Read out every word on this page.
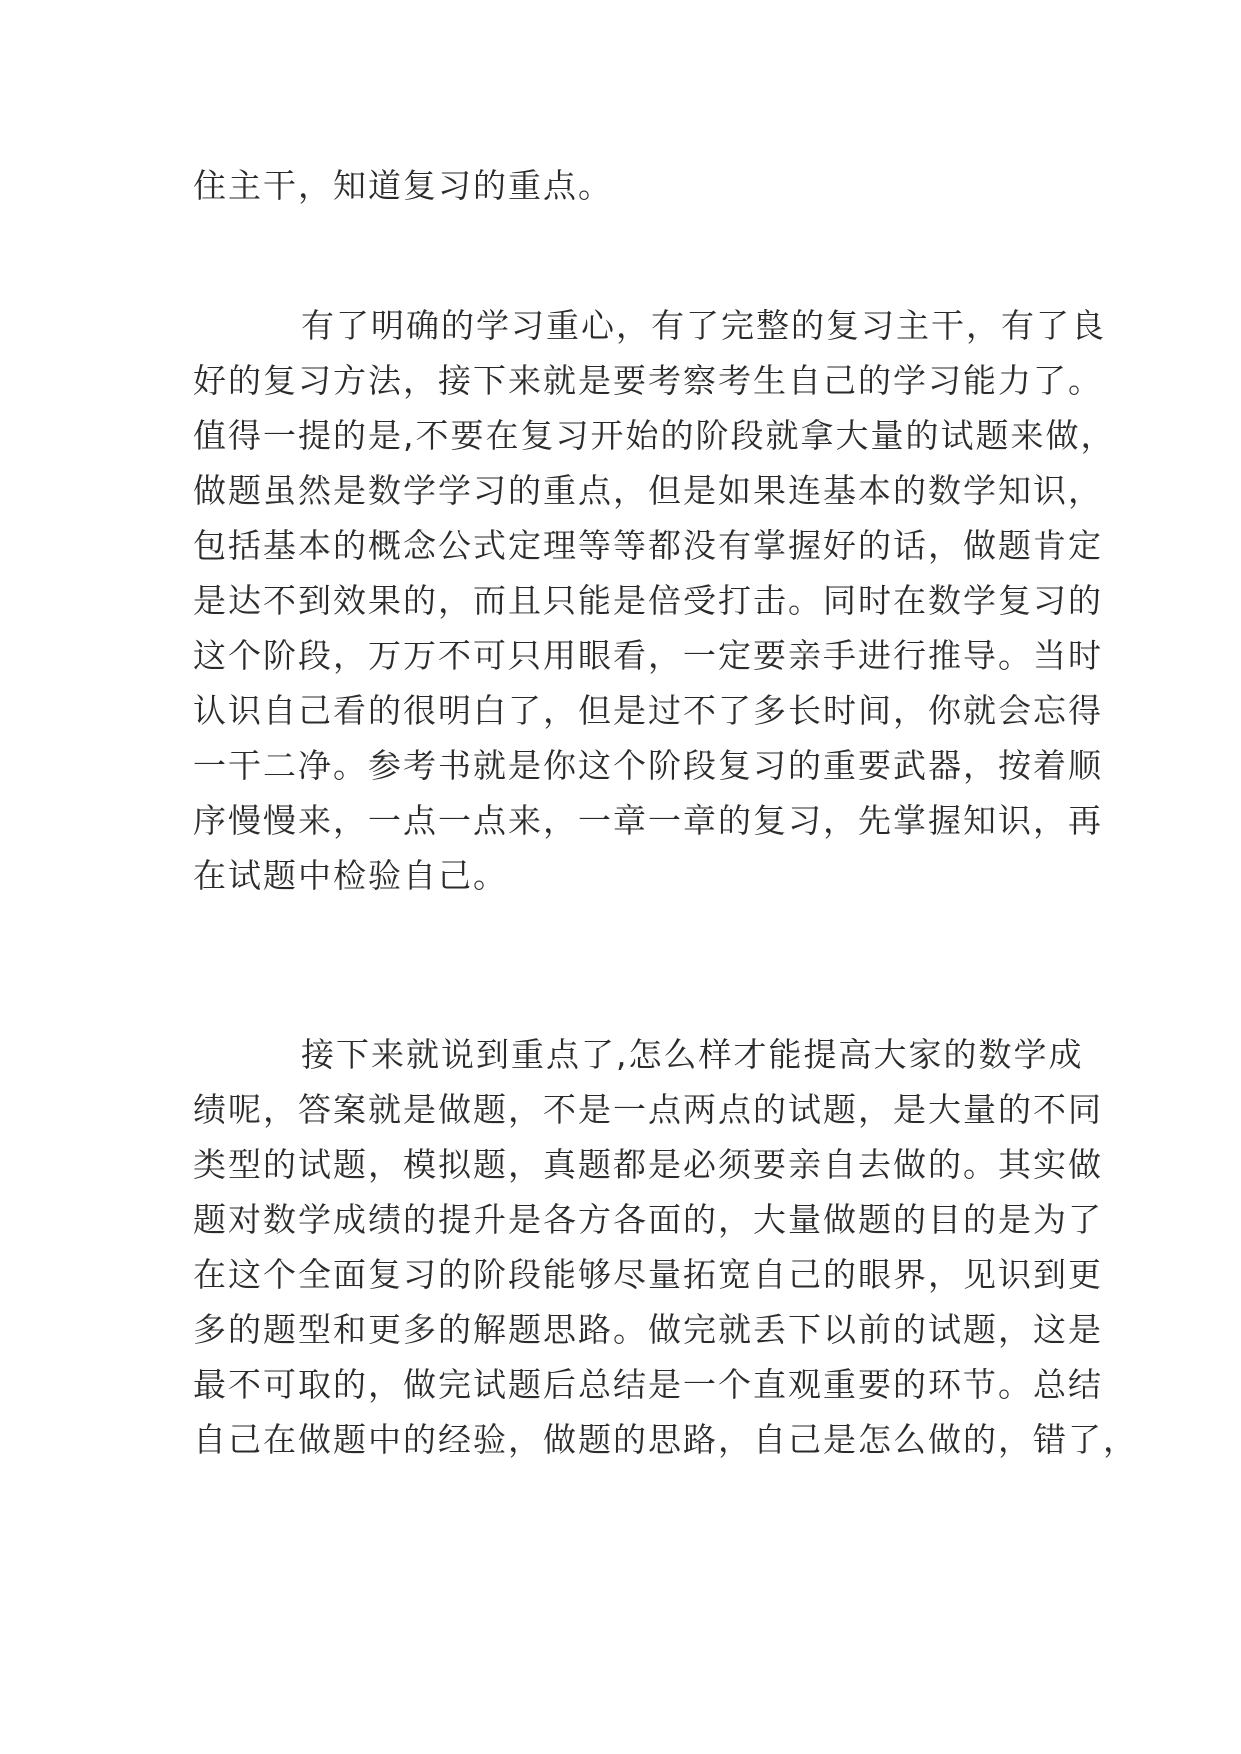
住主干，知道复习的重点。
有了明确的学习重心，有了完整的复习主干，有了良
好的复习方法，接下来就是要考察考生自己的学习能力了。
值得一提的是,不要在复习开始的阶段就拿大量的试题来做，
做题虽然是数学学习的重点，但是如果连基本的数学知识，
包括基本的概念公式定理等等都没有掌握好的话，做题肯定
是达不到效果的，而且只能是倍受打击。同时在数学复习的
这个阶段，万万不可只用眼看，一定要亲手进行推导。当时
认识自己看的很明白了，但是过不了多长时间，你就会忘得
一干二净。参考书就是你这个阶段复习的重要武器，按着顺
序慢慢来，一点一点来，一章一章的复习，先掌握知识，再
在试题中检验自己。
接下来就说到重点了,怎么样才能提高大家的数学成
绩呢，答案就是做题，不是一点两点的试题，是大量的不同
类型的试题，模拟题，真题都是必须要亲自去做的。其实做
题对数学成绩的提升是各方各面的，大量做题的目的是为了
在这个全面复习的阶段能够尽量拓宽自己的眼界，见识到更
多的题型和更多的解题思路。做完就丢下以前的试题，这是
最不可取的，做完试题后总结是一个直观重要的环节。总结
自己在做题中的经验，做题的思路，自己是怎么做的，错了，
